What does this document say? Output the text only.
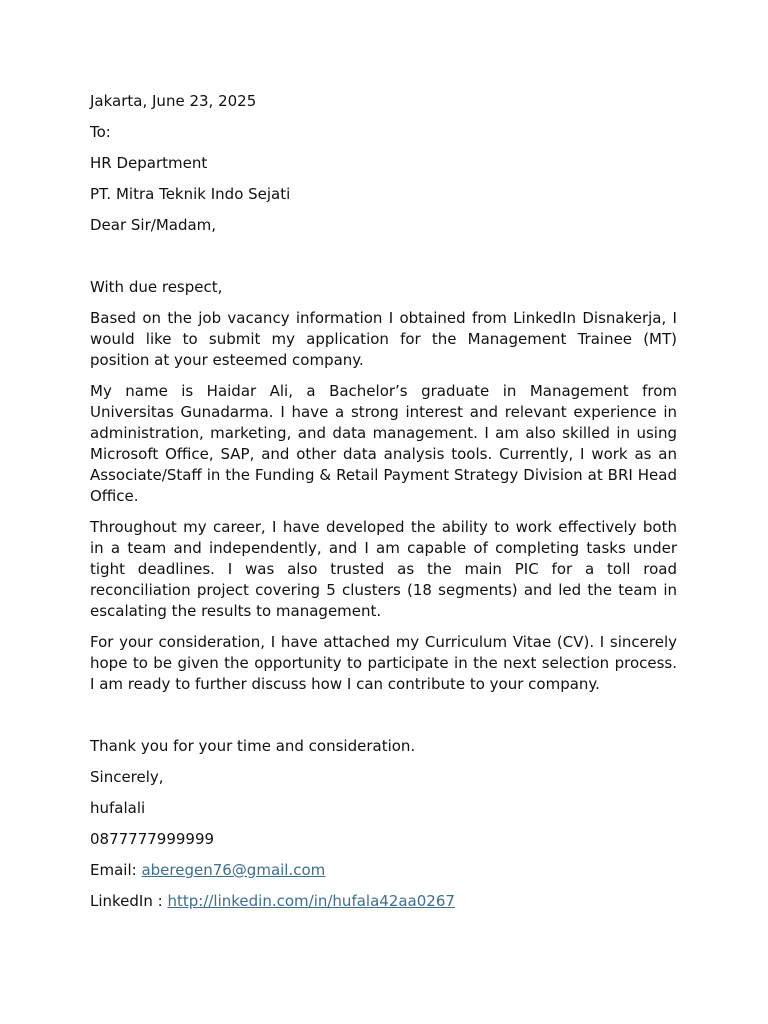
Jakarta, June 23, 2025
To:
HR Department
PT. Mitra Teknik Indo Sejati
Dear Sir/Madam,
With due respect,

Based on the job vacancy information I obtained from LinkedIn Disnakerja, I would like to submit my application for the Management Trainee (MT) position at your esteemed company.

My name is Haidar Ali, a Bachelor’s graduate in Management from Universitas Gunadarma. I have a strong interest and relevant experience in administration, marketing, and data management. I am also skilled in using Microsoft Office, SAP, and other data analysis tools. Currently, I work as an Associate/Staff in the Funding & Retail Payment Strategy Division at BRI Head Office.

Throughout my career, I have developed the ability to work effectively both in a team and independently, and I am capable of completing tasks under tight deadlines. I was also trusted as the main PIC for a toll road reconciliation project covering 5 clusters (18 segments) and led the team in escalating the results to management.

For your consideration, I have attached my Curriculum Vitae (CV). I sincerely hope to be given the opportunity to participate in the next selection process. I am ready to further discuss how I can contribute to your company.

Thank you for your time and consideration.
Sincerely,
hufalali
0877777999999
Email: aberegen76@gmail.com
LinkedIn : http://linkedin.com/in/hufala42aa0267
